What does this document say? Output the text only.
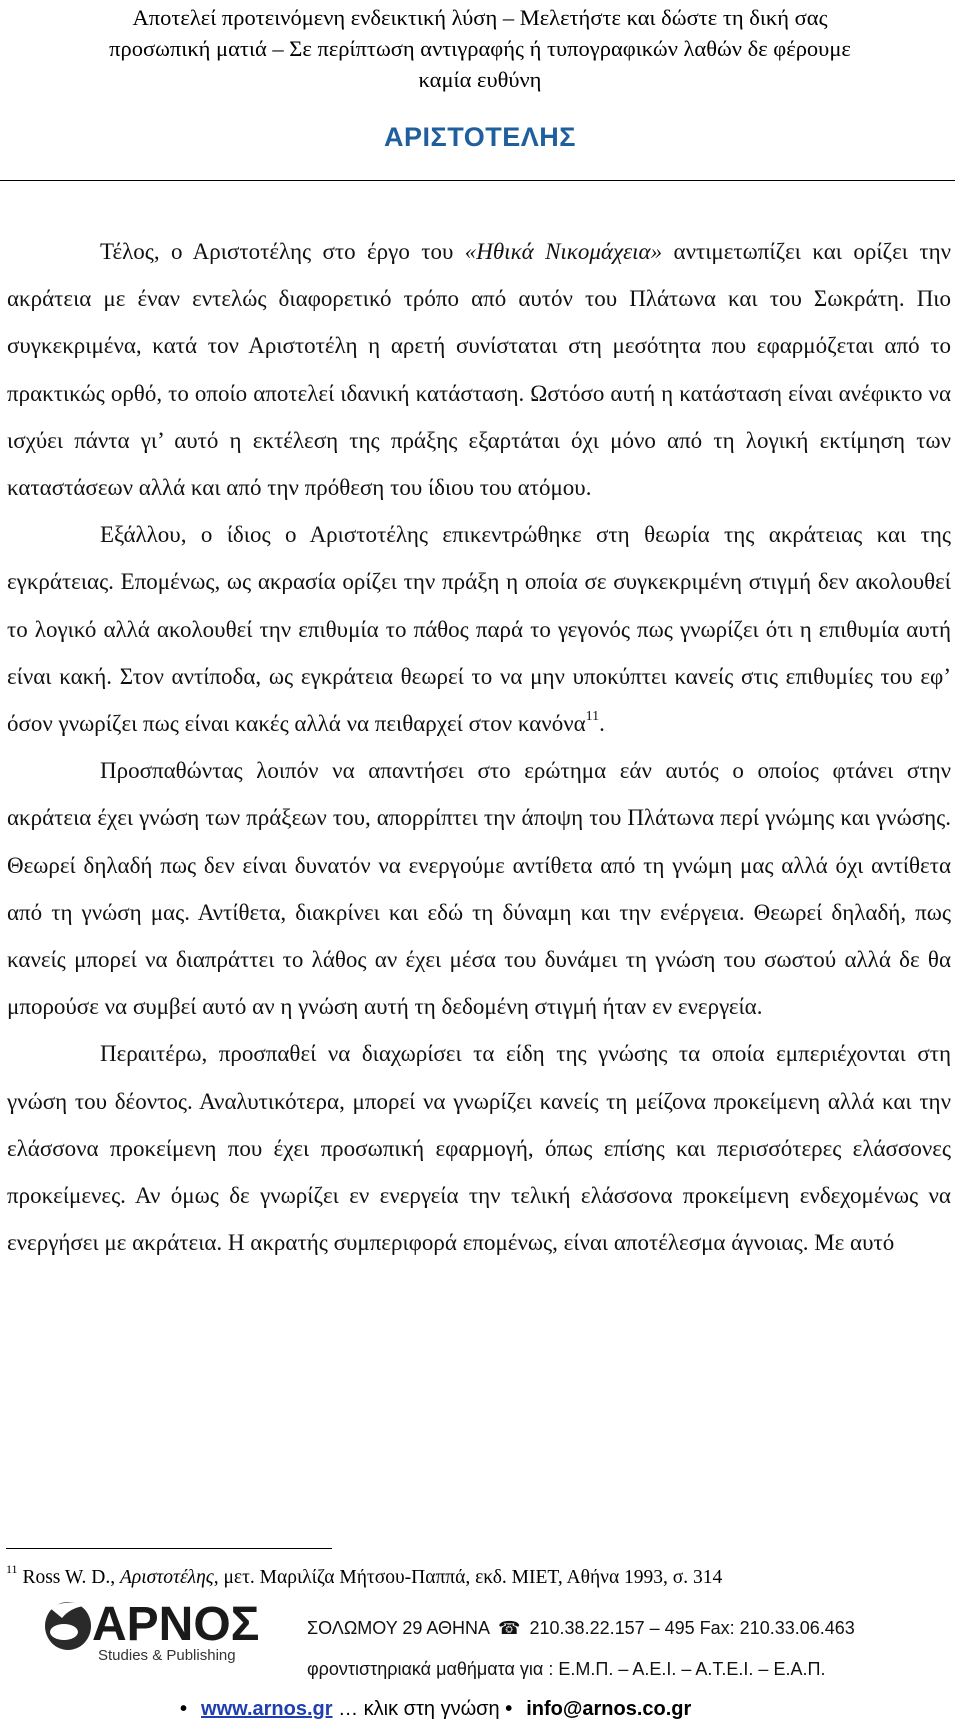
Αποτελεί προτεινόμενη ενδεικτική λύση – Μελετήστε και δώστε τη δική σας
προσωπική ματιά – Σε περίπτωση αντιγραφής ή τυπογραφικών λαθών δε φέρουμε
καμία ευθύνη
ΑΡΙΣΤΟΤΕΛΗΣ

Τέλος, ο Αριστοτέλης στο έργο του «Ηθικά Νικομάχεια» αντιμετωπίζει και ορίζει την ακράτεια με έναν εντελώς διαφορετικό τρόπο από αυτόν του Πλάτωνα και του Σωκράτη. Πιο συγκεκριμένα, κατά τον Αριστοτέλη η αρετή συνίσταται στη μεσότητα που εφαρμόζεται από το πρακτικώς ορθό, το οποίο αποτελεί ιδανική κατάσταση. Ωστόσο αυτή η κατάσταση είναι ανέφικτο να ισχύει πάντα γι’ αυτό η εκτέλεση της πράξης εξαρτάται όχι μόνο από τη λογική εκτίμηση των καταστάσεων αλλά και από την πρόθεση του ίδιου του ατόμου.

Εξάλλου, ο ίδιος ο Αριστοτέλης επικεντρώθηκε στη θεωρία της ακράτειας και της εγκράτειας. Επομένως, ως ακρασία ορίζει την πράξη η οποία σε συγκεκριμένη στιγμή δεν ακολουθεί το λογικό αλλά ακολουθεί την επιθυμία το πάθος παρά το γεγονός πως γνωρίζει ότι η επιθυμία αυτή είναι κακή. Στον αντίποδα, ως εγκράτεια θεωρεί το να μην υποκύπτει κανείς στις επιθυμίες του εφ’ όσον γνωρίζει πως είναι κακές αλλά να πειθαρχεί στον κανόνα$^{11}$.

Προσπαθώντας λοιπόν να απαντήσει στο ερώτημα εάν αυτός ο οποίος φτάνει στην ακράτεια έχει γνώση των πράξεων του, απορρίπτει την άποψη του Πλάτωνα περί γνώμης και γνώσης. Θεωρεί δηλαδή πως δεν είναι δυνατόν να ενεργούμε αντίθετα από τη γνώμη μας αλλά όχι αντίθετα από τη γνώση μας. Αντίθετα, διακρίνει και εδώ τη δύναμη και την ενέργεια. Θεωρεί δηλαδή, πως κανείς μπορεί να διαπράττει το λάθος αν έχει μέσα του δυνάμει τη γνώση του σωστού αλλά δε θα μπορούσε να συμβεί αυτό αν η γνώση αυτή τη δεδομένη στιγμή ήταν εν ενεργεία.

Περαιτέρω, προσπαθεί να διαχωρίσει τα είδη της γνώσης τα οποία εμπεριέχονται στη γνώση του δέοντος. Αναλυτικότερα, μπορεί να γνωρίζει κανείς τη μείζονα προκείμενη αλλά και την ελάσσονα προκείμενη που έχει προσωπική εφαρμογή, όπως επίσης και περισσότερες ελάσσονες προκείμενες. Αν όμως δε γνωρίζει εν ενεργεία την τελική ελάσσονα προκείμενη ενδεχομένως να ενεργήσει με ακράτεια. Η ακρατής συμπεριφορά επομένως, είναι αποτέλεσμα άγνοιας. Με αυτό

$^{11}$ Ross W. D., Αριστοτέλης, μετ. Μαριλίζα Μήτσου-Παππά, εκδ. ΜΙΕΤ, Αθήνα 1993, σ. 314
ΑΡΝΟΣ
Studies & Publishing
ΣΟΛΩΜΟΥ 29 ΑΘΗΝΑ ☎ 210.38.22.157 – 495 Fax: 210.33.06.463
φροντιστηριακά μαθήματα για : Ε.Μ.Π. – Α.Ε.Ι. – Α.Τ.Ε.Ι. – Ε.Α.Π.
• www.arnos.gr … κλικ στη γνώση • info@arnos.co.gr
